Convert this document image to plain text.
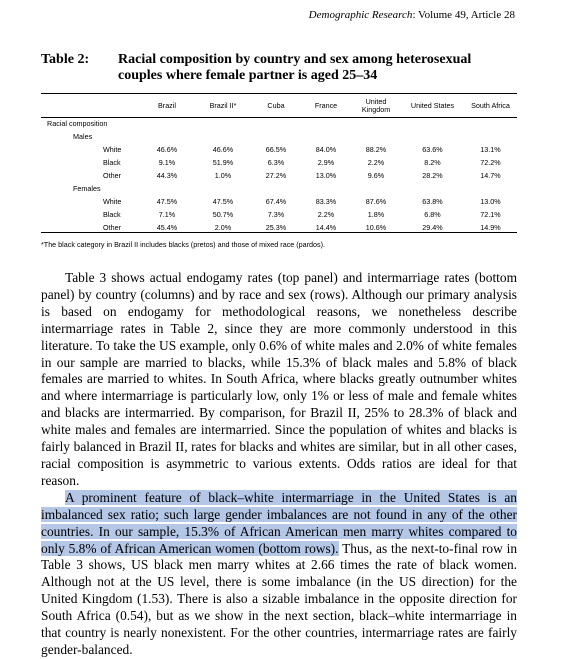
Demographic Research: Volume 49, Article 28
Table 2: Racial composition by country and sex among heterosexual couples where female partner is aged 25–34
	Brazil	Brazil II*	Cuba	France	United Kingdom	United States	South Africa
Racial composition							
Males							
White	46.6%	46.6%	66.5%	84.0%	88.2%	63.6%	13.1%
Black	9.1%	51.9%	6.3%	2.9%	2.2%	8.2%	72.2%
Other	44.3%	1.0%	27.2%	13.0%	9.6%	28.2%	14.7%
Females							
White	47.5%	47.5%	67.4%	83.3%	87.6%	63.8%	13.0%
Black	7.1%	50.7%	7.3%	2.2%	1.8%	6.8%	72.1%
Other	45.4%	2.0%	25.3%	14.4%	10.6%	29.4%	14.9%
*The black category in Brazil II includes blacks (pretos) and those of mixed race (pardos).

Table 3 shows actual endogamy rates (top panel) and intermarriage rates (bottom panel) by country (columns) and by race and sex (rows). Although our primary analysis is based on endogamy for methodological reasons, we nonetheless describe intermarriage rates in Table 2, since they are more commonly understood in this literature. To take the US example, only 0.6% of white males and 2.0% of white females in our sample are married to blacks, while 15.3% of black males and 5.8% of black females are married to whites. In South Africa, where blacks greatly outnumber whites and where intermarriage is particularly low, only 1% or less of male and female whites and blacks are intermarried. By comparison, for Brazil II, 25% to 28.3% of black and white males and females are intermarried. Since the population of whites and blacks is fairly balanced in Brazil II, rates for blacks and whites are similar, but in all other cases, racial composition is asymmetric to various extents. Odds ratios are ideal for that reason.

A prominent feature of black–white intermarriage in the United States is an imbalanced sex ratio; such large gender imbalances are not found in any of the other countries. In our sample, 15.3% of African American men marry whites compared to only 5.8% of African American women (bottom rows). Thus, as the next-to-final row in Table 3 shows, US black men marry whites at 2.66 times the rate of black women. Although not at the US level, there is some imbalance (in the US direction) for the United Kingdom (1.53). There is also a sizable imbalance in the opposite direction for South Africa (0.54), but as we show in the next section, black–white intermarriage in that country is nearly nonexistent. For the other countries, intermarriage rates are fairly gender-balanced.
